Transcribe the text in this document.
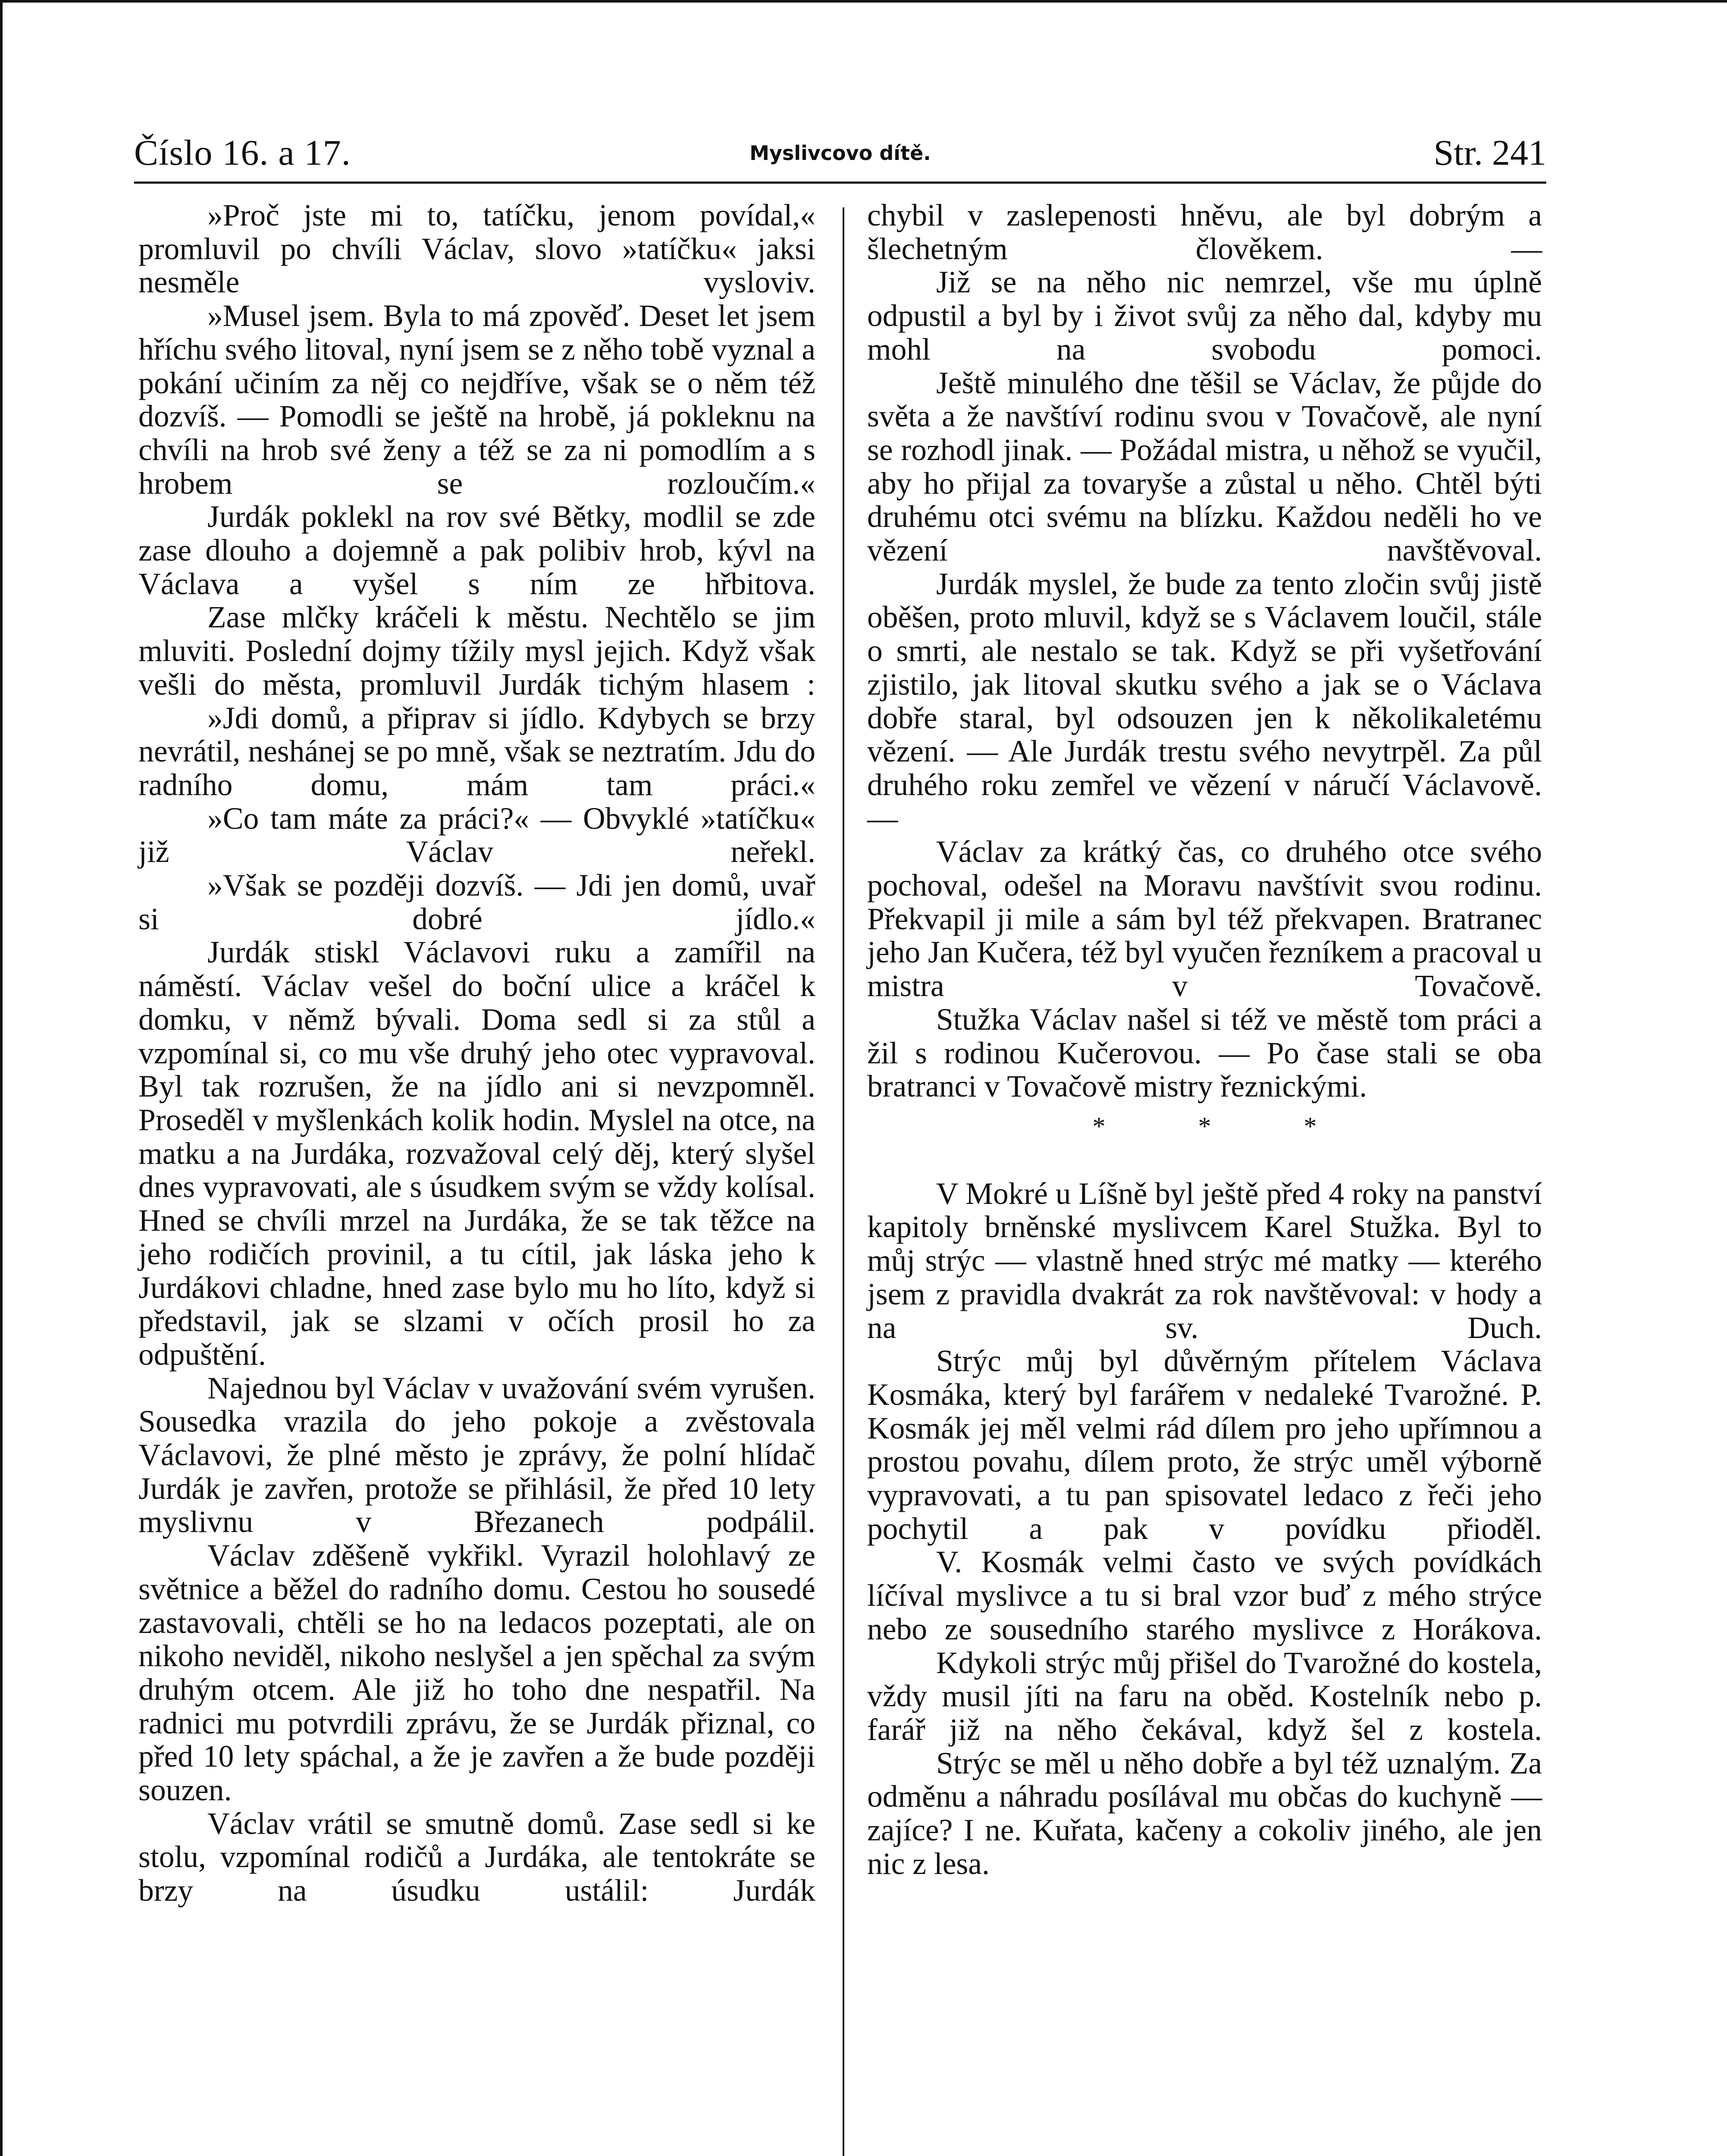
Číslo 16. a 17.	Myslivcovo dítě.	Str. 241

»Proč jste mi to, tatíčku, jenom povídal,« promluvil po chvíli Václav, slovo »tatíčku« jaksi nesměle vysloviv.

»Musel jsem. Byla to má zpověď. Deset let jsem hříchu svého litoval, nyní jsem se z něho tobě vyznal a pokání učiním za něj co nejdříve, však se o něm též dozvíš. — Pomodli se ještě na hrobě, já pokleknu na chvíli na hrob své ženy a též se za ni pomodlím a s hrobem se rozloučím.«

Jurdák poklekl na rov své Bětky, modlil se zde zase dlouho a dojemně a pak polibiv hrob, kývl na Václava a vyšel s ním ze hřbitova.

Zase mlčky kráčeli k městu. Nechtělo se jim mluviti. Poslední dojmy tížily mysl jejich. Když však vešli do města, promluvil Jurdák tichým hlasem :

»Jdi domů, a připrav si jídlo. Kdybych se brzy nevrátil, neshánej se po mně, však se neztratím. Jdu do radního domu, mám tam práci.«

»Co tam máte za práci?« — Obvyklé »tatíčku« již Václav neřekl.

»Však se později dozvíš. — Jdi jen domů, uvař si dobré jídlo.«

Jurdák stiskl Václavovi ruku a zamířil na náměstí. Václav vešel do boční ulice a kráčel k domku, v němž bývali. Doma sedl si za stůl a vzpomínal si, co mu vše druhý jeho otec vypravoval. Byl tak rozrušen, že na jídlo ani si nevzpomněl. Proseděl v myšlenkách kolik hodin. Myslel na otce, na matku a na Jurdáka, rozvažoval celý děj, který slyšel dnes vypravovati, ale s úsudkem svým se vždy kolísal. Hned se chvíli mrzel na Jurdáka, že se tak těžce na jeho rodičích provinil, a tu cítil, jak láska jeho k Jurdákovi chladne, hned zase bylo mu ho líto, když si představil, jak se slzami v očích prosil ho za odpuštění.

Najednou byl Václav v uvažování svém vyrušen. Sousedka vrazila do jeho pokoje a zvěstovala Václavovi, že plné město je zprávy, že polní hlídač Jurdák je zavřen, protože se přihlásil, že před 10 lety myslivnu v Březanech podpálil.

Václav zděšeně vykřikl. Vyrazil holohlavý ze světnice a běžel do radního domu. Cestou ho sousedé zastavovali, chtěli se ho na ledacos pozeptati, ale on nikoho neviděl, nikoho neslyšel a jen spěchal za svým druhým otcem. Ale již ho toho dne nespatřil. Na radnici mu potvrdili zprávu, že se Jurdák přiznal, co před 10 lety spáchal, a že je zavřen a že bude později souzen.

Václav vrátil se smutně domů. Zase sedl si ke stolu, vzpomínal rodičů a Jurdáka, ale tentokráte se brzy na úsudku ustálil: Jurdák

chybil v zaslepenosti hněvu, ale byl dobrým a šlechetným člověkem. —

Již se na něho nic nemrzel, vše mu úplně odpustil a byl by i život svůj za něho dal, kdyby mu mohl na svobodu pomoci.

Ještě minulého dne těšil se Václav, že půjde do světa a že navštíví rodinu svou v Tovačově, ale nyní se rozhodl jinak. — Požádal mistra, u něhož se vyučil, aby ho přijal za tovaryše a zůstal u něho. Chtěl býti druhému otci svému na blízku. Každou neděli ho ve vězení navštěvoval.

Jurdák myslel, že bude za tento zločin svůj jistě oběšen, proto mluvil, když se s Václavem loučil, stále o smrti, ale nestalo se tak. Když se při vyšetřování zjistilo, jak litoval skutku svého a jak se o Václava dobře staral, byl odsouzen jen k několikaletému vězení. — Ale Jurdák trestu svého nevytrpěl. Za půl druhého roku zemřel ve vězení v náručí Václavově. —

Václav za krátký čas, co druhého otce svého pochoval, odešel na Moravu navštívit svou rodinu. Překvapil ji mile a sám byl též překvapen. Bratranec jeho Jan Kučera, též byl vyučen řezníkem a pracoval u mistra v Tovačově.

Stužka Václav našel si též ve městě tom práci a žil s rodinou Kučerovou. — Po čase stali se oba bratranci v Tovačově mistry řeznickými.

* * *

V Mokré u Líšně byl ještě před 4 roky na panství kapitoly brněnské myslivcem Karel Stužka. Byl to můj strýc — vlastně hned strýc mé matky — kterého jsem z pravidla dvakrát za rok navštěvoval: v hody a na sv. Duch.

Strýc můj byl důvěrným přítelem Václava Kosmáka, který byl farářem v nedaleké Tvarožné. P. Kosmák jej měl velmi rád dílem pro jeho upřímnou a prostou povahu, dílem proto, že strýc uměl výborně vypravovati, a tu pan spisovatel ledaco z řeči jeho pochytil a pak v povídku přioděl.

V. Kosmák velmi často ve svých povídkách líčíval myslivce a tu si bral vzor buď z mého strýce nebo ze sousedního starého myslivce z Horákova.

Kdykoli strýc můj přišel do Tvarožné do kostela, vždy musil jíti na faru na oběd. Kostelník nebo p. farář již na něho čekával, když šel z kostela.

Strýc se měl u něho dobře a byl též uznalým. Za odměnu a náhradu posílával mu občas do kuchyně — zajíce? I ne. Kuřata, kačeny a cokoliv jiného, ale jen nic z lesa.
